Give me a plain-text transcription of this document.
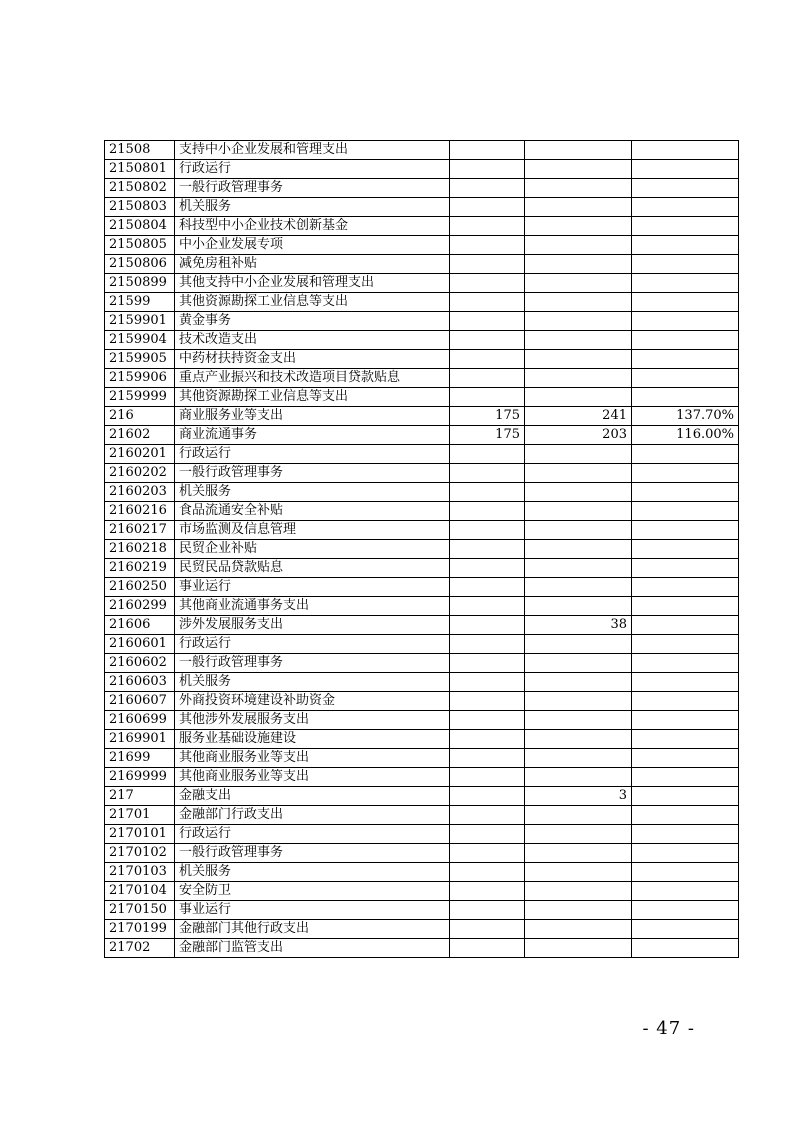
21508	支持中小企业发展和管理支出			
2150801	行政运行			
2150802	一般行政管理事务			
2150803	机关服务			
2150804	科技型中小企业技术创新基金			
2150805	中小企业发展专项			
2150806	减免房租补贴			
2150899	其他支持中小企业发展和管理支出			
21599	其他资源勘探工业信息等支出			
2159901	黄金事务			
2159904	技术改造支出			
2159905	中药材扶持资金支出			
2159906	重点产业振兴和技术改造项目贷款贴息			
2159999	其他资源勘探工业信息等支出			
216	商业服务业等支出	175	241	137.70%
21602	商业流通事务	175	203	116.00%
2160201	行政运行			
2160202	一般行政管理事务			
2160203	机关服务			
2160216	食品流通安全补贴			
2160217	市场监测及信息管理			
2160218	民贸企业补贴			
2160219	民贸民品贷款贴息			
2160250	事业运行			
2160299	其他商业流通事务支出			
21606	涉外发展服务支出		38	
2160601	行政运行			
2160602	一般行政管理事务			
2160603	机关服务			
2160607	外商投资环境建设补助资金			
2160699	其他涉外发展服务支出			
2169901	服务业基础设施建设			
21699	其他商业服务业等支出			
2169999	其他商业服务业等支出			
217	金融支出		3	
21701	金融部门行政支出			
2170101	行政运行			
2170102	一般行政管理事务			
2170103	机关服务			
2170104	安全防卫			
2170150	事业运行			
2170199	金融部门其他行政支出			
21702	金融部门监管支出			
- 47 -
